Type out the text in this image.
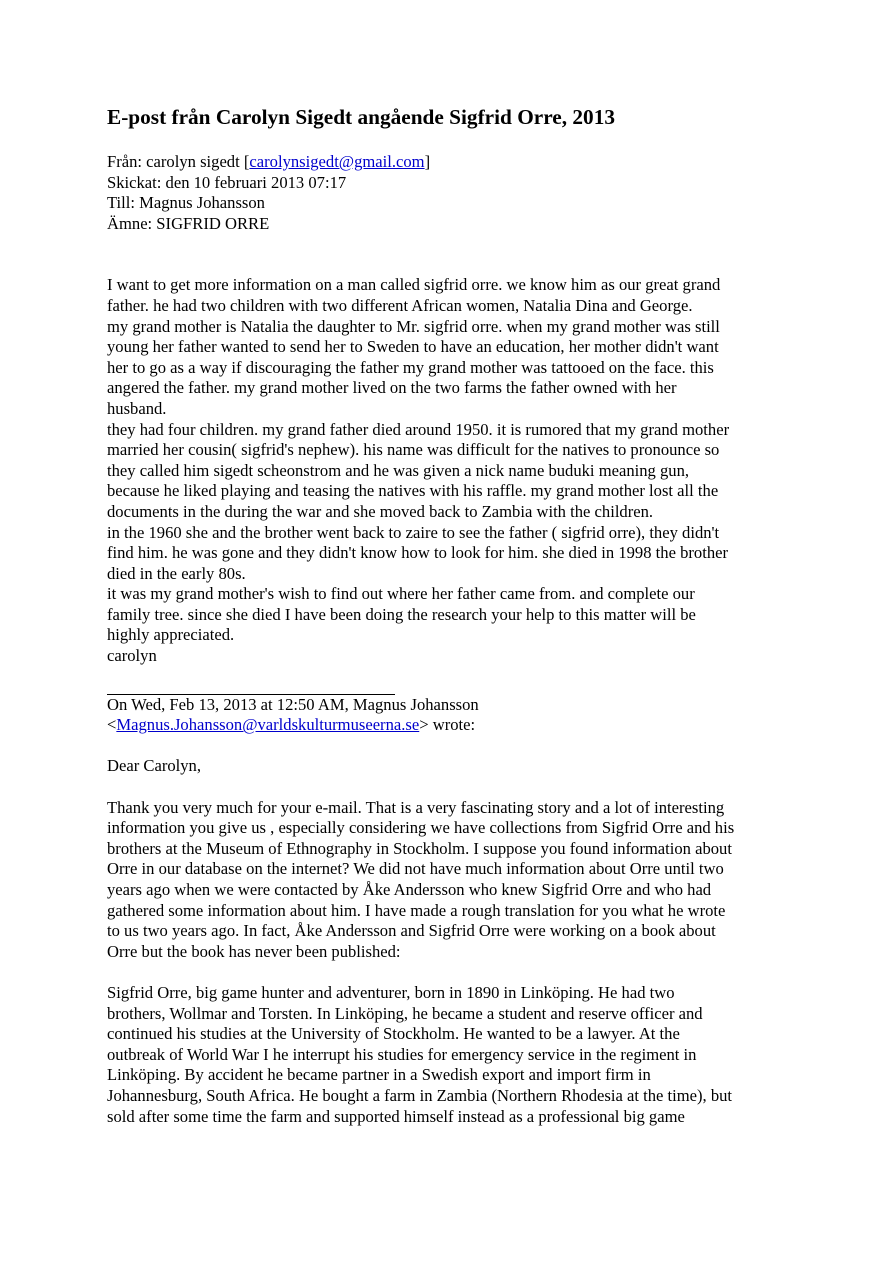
E-post från Carolyn Sigedt angående Sigfrid Orre, 2013
Från: carolyn sigedt [carolynsigedt@gmail.com]
Skickat: den 10 februari 2013 07:17
Till: Magnus Johansson
Ämne: SIGFRID ORRE
I want to get more information on a man called sigfrid orre. we know him as our great grand
father. he had two children with two different African women, Natalia Dina and George.
my grand mother is Natalia the daughter to Mr. sigfrid orre. when my grand mother was still
young her father wanted to send her to Sweden to have an education, her mother didn't want
her to go as a way if discouraging the father my grand mother was tattooed on the face. this
angered the father. my grand mother lived on the two farms the father owned with her
husband.
they had four children. my grand father died around 1950. it is rumored that my grand mother
married her cousin( sigfrid's nephew). his name was difficult for the natives to pronounce so
they called him sigedt scheonstrom and he was given a nick name buduki meaning gun,
because he liked playing and teasing the natives with his raffle. my grand mother lost all the
documents in the during the war and she moved back to Zambia with the children.
in the 1960 she and the brother went back to zaire to see the father ( sigfrid orre), they didn't
find him. he was gone and they didn't know how to look for him. she died in 1998 the brother
died in the early 80s.
it was my grand mother's wish to find out where her father came from. and complete our
family tree. since she died I have been doing the research your help to this matter will be
highly appreciated.
carolyn
On Wed, Feb 13, 2013 at 12:50 AM, Magnus Johansson
<Magnus.Johansson@varldskulturmuseerna.se> wrote:
Dear Carolyn,
Thank you very much for your e-mail. That is a very fascinating story and a lot of interesting
information you give us , especially considering we have collections from Sigfrid Orre and his
brothers at the Museum of Ethnography in Stockholm. I suppose you found information about
Orre in our database on the internet? We did not have much information about Orre until two
years ago when we were contacted by Åke Andersson who knew Sigfrid Orre and who had
gathered some information about him. I have made a rough translation for you what he wrote
to us two years ago. In fact, Åke Andersson and Sigfrid Orre were working on a book about
Orre but the book has never been published:
Sigfrid Orre, big game hunter and adventurer, born in 1890 in Linköping. He had two
brothers, Wollmar and Torsten. In Linköping, he became a student and reserve officer and
continued his studies at the University of Stockholm. He wanted to be a lawyer. At the
outbreak of World War I he interrupt his studies for emergency service in the regiment in
Linköping. By accident he became partner in a Swedish export and import firm in
Johannesburg, South Africa. He bought a farm in Zambia (Northern Rhodesia at the time), but
sold after some time the farm and supported himself instead as a professional big game
